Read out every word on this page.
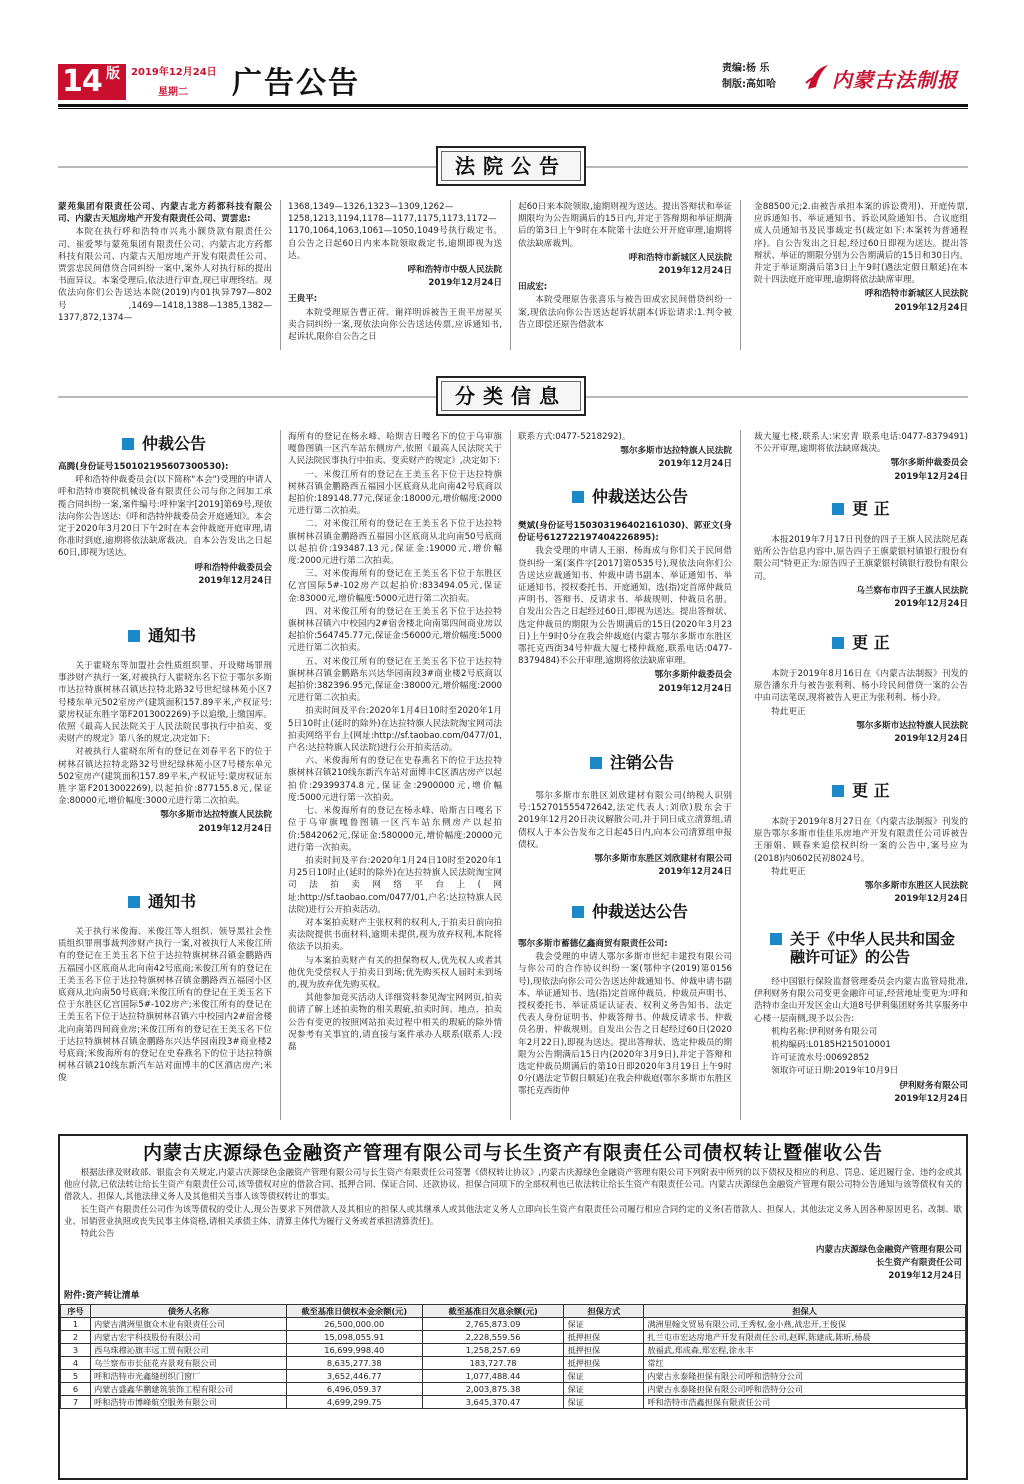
14 版 2019年12月24日
星期二 广告公告	责编:杨 乐
制版:高如哈	内蒙古法制报
法院公告

蒙苑集团有限责任公司、内蒙古北方药都科技有限公司、内蒙古天旭房地产开发有限责任公司、贾雲忠:

本院在执行呼和浩特市兴兆小额贷款有限责任公司、崔爱琴与蒙苑集团有限责任公司、内蒙古北方药都科技有限公司、内蒙古天旭房地产开发有限责任公司、贾雲忠民间借贷合同纠纷一案中,案外人对执行标的提出书面异议。本案受理后,依法进行审查,现已审理终结。现依法向你们公告送达本院(2019)内01执异797—802号,1469—1418,1388—1385,1382—1377,872,1374—

1368,1349—1326,1323—1309,1262—1258,1213,1194,1178—1177,1175,1173,1172—1170,1064,1063,1061—1050,1049号执行裁定书。自公告之日起60日内来本院领取裁定书,逾期即视为送达。

呼和浩特市中级人民法院

2019年12月24日

王贵平:

本院受理原告曹正荷、谢祥明诉被告王贵平房屋买卖合同纠纷一案,现依法向你公告送达传票,应诉通知书,起诉状,限你自公告之日

起60日来本院领取,逾期则视为送达。提出答辩状和举证期限均为公告期满后的15日内,并定于答辩期和举证期满后的第3日上午9时在本院第十法庭公开开庭审理,逾期将依法缺席裁判。

呼和浩特市新城区人民法院

2019年12月24日

田成宏:

本院受理原告张喜乐与被告田成宏民间借贷纠纷一案,现依法向你公告送达起诉状副本(诉讼请求:1.判令被告立即偿还原告借款本

金88500元;2.由被告承担本案的诉讼费用)、开庭传票,应诉通知书、举证通知书、诉讼风险通知书、合议庭组成人员通知书及民事裁定书(裁定如下:本案转为普通程序)。自公告发出之日起,经过60日即视为送达。提出答辩状、举证的期限分别为公告期满后的15日和30日内。并定于举证期满后第3日上午9时(遇法定假日顺延)在本院十四法庭开庭审理,逾期将依法缺席审理。

呼和浩特市新城区人民法院

2019年12月24日

分类信息
仲裁公告

高腾(身份证号150102195607300530):

呼和浩特仲裁委员会(以下简称"本会")受理的申请人呼和浩特市赛院机械设备有限责任公司与你之间加工承揽合同纠纷一案,案件编号:呼仲案字[2019]第69号,现依法向你公告送达:《呼和浩特仲裁委员会开庭通知》。本会定于2020年3月20日下午2时在本会仲裁庭开庭审理,请你准时到庭,逾期将依法缺席裁决。自本公告发出之日起60日,即视为送达。

呼和浩特仲裁委员会

2019年12月24日

通知书

关于霍晓东等加盟社会性质组织罪、开设赌场罪刑事涉财产执行一案,对被执行人霍晓东名下位于鄂尔多斯市达拉特旗树林召镇达拉特北路32号世纪绿林苑小区7号楼东单元502室房产(建筑面积157.89平米,产权证号:蒙房权证东胜字第F2013002269)予以追缴,上缴国库。依照《最高人民法院关于人民法院民事执行中拍卖、变卖财产的规定》第八条的规定,决定如下:

对被执行人霍晓东所有的登记在刘春平名下的位于树林召镇达拉特北路32号世纪绿林苑小区7号楼东单元502室房产(建筑面积157.89平米,产权证号:蒙房权证东胜字第F2013002269),以起拍价:877155.8元,保证金:80000元,增价幅度:3000元进行第二次拍卖。

鄂尔多斯市达拉特旗人民法院

2019年12月24日

通知书

关于执行米俊海、米俊江等人组织、领导黑社会性质组织罪刑事裁判涉财产执行一案,对被执行人米俊江所有的登记在王美玉名下位于达拉特旗树林召镇金鹏路西五福园小区底商从北向南42号底商;米俊江所有的登记在王美玉名下位于达拉特旗树林召镇金鹏路西五福园小区底商从北向南50号底商;米俊江所有的登记在王美玉名下位于东胜区亿宫国际5#-102房产;米俊江所有的登记在王美玉名下位于达拉特旗树林召镇六中校园内2#宿舍楼北向南第四间商业房;米俊江所有的登记在王美玉名下位于达拉特旗树林召镇金鹏路东兴达华园南段3#商业楼2号底商;米俊海所有的登记在史春燕名下的位于达拉特旗树林召镇210线东新汽车站对面博丰的C区酒店房产;米俊

海所有的登记在杨永峰、哈斯吉日嘎名下的位于乌审旗嘎鲁图镇一区汽车站东侧房产,依照《最高人民法院关于人民法院民事执行中拍卖、变卖财产的规定》,决定如下:

一、米俊江所有的登记在王美玉名下位于达拉特旗树林召镇金鹏路西五福园小区底商从北向南42号底商以起拍价:189148.77元,保证金:18000元,增价幅度:2000元进行第二次拍卖。

二、对米俊江所有的登记在王美玉名下位于达拉特旗树林召镇金鹏路西五福园小区底商从北向南50号底商以起拍价:193487.13元,保证金:19000元,增价幅度:2000元进行第二次拍卖。

三、对米俊海所有的登记在王美玉名下位于东胜区亿宫国际5#-102房产以起拍价:833494.05元,保证金:83000元,增价幅度:5000元进行第二次拍卖。

四、对米俊江所有的登记在王美玉名下位于达拉特旗树林召镇六中校园内2#宿舍楼北向南第四间商业房以起拍价:564745.77元,保证金:56000元,增价幅度:5000元进行第二次拍卖。

五、对米俊江所有的登记在王美玉名下位于达拉特旗树林召镇金鹏路东兴达华园南段3#商业楼2号底商以起拍价:382396.95元,保证金:38000元,增价幅度:2000元进行第二次拍卖。

拍卖时间及平台:2020年1月4日10时至2020年1月5日10时止(延时的除外)在达拉特旗人民法院淘宝网司法拍卖网络平台上(网址:http://sf.taobao.com/0477/01,户名:达拉特旗人民法院)进行公开拍卖活动。

六、米俊海所有的登记在史春燕名下的位于达拉特旗树林召镇210线东新汽车站对面博丰C区酒店房产以起拍价:29399374.8元,保证金:2900000元,增价幅度:5000元进行第一次拍卖。

七、米俊海所有的登记在杨永峰、哈斯吉日嘎名下位于乌审旗嘎鲁图镇一区汽车站东侧房产以起拍价:5842062元,保证金:580000元,增价幅度:20000元进行第一次拍卖。

拍卖时间及平台:2020年1月24日10时至2020年1月25日10时止(延时的除外)在达拉特旗人民法院淘宝网司法拍卖网络平台上(网址:http://sf.taobao.com/0477/01,户名:达拉特旗人民法院)进行公开拍卖活动。

对本案拍卖财产主张权利的权利人,于拍卖日前向拍卖法院提供书面材料,逾期未提供,视为放弃权利,本院将依法予以拍卖。

与本案拍卖财产有关的担保物权人,优先权人或者其他优先受偿权人于拍卖日到场;优先购买权人届时未到场的,视为放弃优先购买权。

其他参加竞买活动人详细资料参见淘宝网网页,拍卖前请了解上述拍卖物的相关瑕疵,拍卖时间、地点、拍卖公告有变更的按照网站拍卖过程中相关的瑕疵的除外情况参考有关事宜的,请直接与案件承办人联系(联系人:段磊

联系方式:0477-5218292)。

鄂尔多斯市达拉特旗人民法院

2019年12月24日

仲裁送达公告

樊斌(身份证号150303196402161030)、郭亚文(身份证号612722197404226895):

我会受理的申请人王丽、杨海成与你们关于民间借贷纠纷一案(案件字[2017]第0535号),现依法向你们公告送达应裁通知书、仲裁申请书副本、举证通知书、举证通知书、授权委托书、开庭通知、选(指)定首席仲裁员声明书、答辩书、反请求书、举裁规则、仲裁员名册。自发出公告之日起经过60日,即视为送达。提出答辩状、选定仲裁员的期限为公告期满后的15日(2020年3月23日)上午9时0分在我会仲裁庭(内蒙古鄂尔多斯市东胜区鄂托克西街34号仲裁大厦七楼仲裁庭,联系电话:0477-8379484)不公开审理,逾期将依法缺席审理。

鄂尔多斯仲裁委员会

2019年12月24日

注销公告

鄂尔多斯市东胜区刘欣建材有限公司(纳税人识别号:152701555472642,法定代表人:刘欣)股东会于2019年12月20日决议解散公司,并于同日成立清算组,请债权人于本公告发布之日起45日内,向本公司清算组申报债权。

鄂尔多斯市东胜区刘欣建材有限公司

2019年12月24日

仲裁送达公告

鄂尔多斯市蓄德亿鑫商贸有限责任公司:

我会受理的申请人鄂尔多斯市世纪丰建投有限公司与你公司的合作协议纠纷一案(鄂仲字(2019)第0156号),现依法向你公司公告送达仲裁通知书、仲裁申请书副本、举证通知书、选(指)定首席仲裁员、仲裁员声明书、授权委托书、举证质证认证表、权利义务告知书、法定代表人身份证明书、仲裁答辩书、仲裁反请求书、仲裁员名册、仲裁规则。自发出公告之日起经过60日(2020年2月22日),即视为送达。提出答辩状、选定仲裁员的期限为公告期满后15日内(2020年3月9日),并定于答辩和选定仲裁员期满后的第10日即2020年3月19日上午9时0分(遇法定节假日顺延)在我会仲裁庭(鄂尔多斯市东胜区鄂托克西街仲

裁大厦七楼,联系人:宋宏青 联系电话:0477-8379491)不公开审理,逾期将依法缺席裁决。

鄂尔多斯仲裁委员会

2019年12月24日

更 正

本报2019年7月17日刊登的四子王旗人民法院尼森贴所公告信息内容中,原告四子王旗蒙银村镇银行股份有限公司"特更正为:原告四子王旗蒙银村镇银行股份有限公司。

乌兰察布市四子王旗人民法院

2019年12月24日

更 正

本院于2019年8月16日在《内蒙古法制报》刊发的原告潘东升与被告张利利、杨小玲民间借贷一案的公告中由司法笔误,现将被告人更正为张利利、杨小玲。

特此更正

鄂尔多斯市达拉特旗人民法院

2019年12月24日

更 正

本院于2019年8月27日在《内蒙古法制报》刊发的原告鄂尔多斯市佳佳乐房地产开发有限责任公司诉被告王丽娟、顾春来追偿权纠纷一案的公告中,案号应为(2018)内0602民初8024号。

特此更正

鄂尔多斯市东胜区人民法院

2019年12月24日

关于《中华人民共和国金融许可证》的公告

经中国银行保险监督管理委员会内蒙古监管局批准,伊利财务有限公司变更金融许可证,经营地址变更为:呼和浩特市金山开发区金山大道8号伊利集团财务共享服务中心楼一层南侧,现予以公告:

机构名称:伊利财务有限公司

机构编码:L0185H215010001

许可证流水号:00692852

领取许可证日期:2019年10月9日

伊利财务有限公司

2019年12月24日

内蒙古庆源绿色金融资产管理有限公司与长生资产有限责任公司债权转让暨催收公告

根据法律及财政部、银监会有关规定,内蒙古庆源绿色金融资产管理有限公司与长生资产有限责任公司签署《债权转让协议》,内蒙古庆源绿色金融资产管理有限公司下列附表中所列的以下债权及相应的利息、罚息、延迟履行金、违约金或其他应付款,已依法转让给长生资产有限责任公司,该等债权对应的借款合同、抵押合同、保证合同、还款协议、担保合同项下的全部权利也已依法转让给长生资产有限责任公司。内蒙古庆源绿色金融资产管理有限公司特公告通知与该等债权有关的借款人、担保人,其他法律义务人及其他相关当事人该等债权转让的事实。

长生资产有限责任公司作为该等债权的受让人,现公告要求下列借款人及其相应的担保人或其继承人或其他法定义务人立即向长生资产有限责任公司履行相应合同约定的义务(若借款人、担保人、其他法定义务人因各种原因更名、改制、歇业、吊销营业执照或丧失民事主体资格,请相关承债主体、清算主体代为履行义务或者承担清算责任)。

特此公告

内蒙古庆源绿色金融资产管理有限公司
长生资产有限责任公司
2019年12月24日
附件:资产转让清单
序号	债务人名称	截至基准日债权本金余额(元)	截至基准日欠息余额(元)	担保方式	担保人
1	内蒙古满洲里旗众木业有限责任公司	26,500,000.00	2,765,873.09	保证	满洲里翰文贸易有限公司,王秀权,金小燕,战忠开,王俊保
2	内蒙古宏宇科技股份有限公司	15,098,055.91	2,228,559.56	抵押担保	扎兰屯市宏达房地产开发有限责任公司,赵晖,陈建成,陈昕,杨晨
3	西乌珠穆沁旗丰远工贸有限公司	16,699,998.40	1,258,257.69	抵押担保	敖福武,郑成森,郑宏程,徐永丰
4	乌兰察布市长征花卉景观有限公司	8,635,277.38	183,727.78	抵押担保	常红
5	呼和浩特市光鑫缝纫织门窗厂	3,652,446.77	1,077,488.44	保证	内蒙古永泰隆担保有限公司呼和浩特分公司
6	内蒙古盛鑫华鹏建筑装饰工程有限公司	6,496,059.37	2,003,875.38	保证	内蒙古永泰隆担保有限公司呼和浩特分公司
7	呼和浩特市博峰航空服务有限公司	4,699,299.75	3,645,370.47	保证	呼和浩特市浩鑫担保有限责任公司
